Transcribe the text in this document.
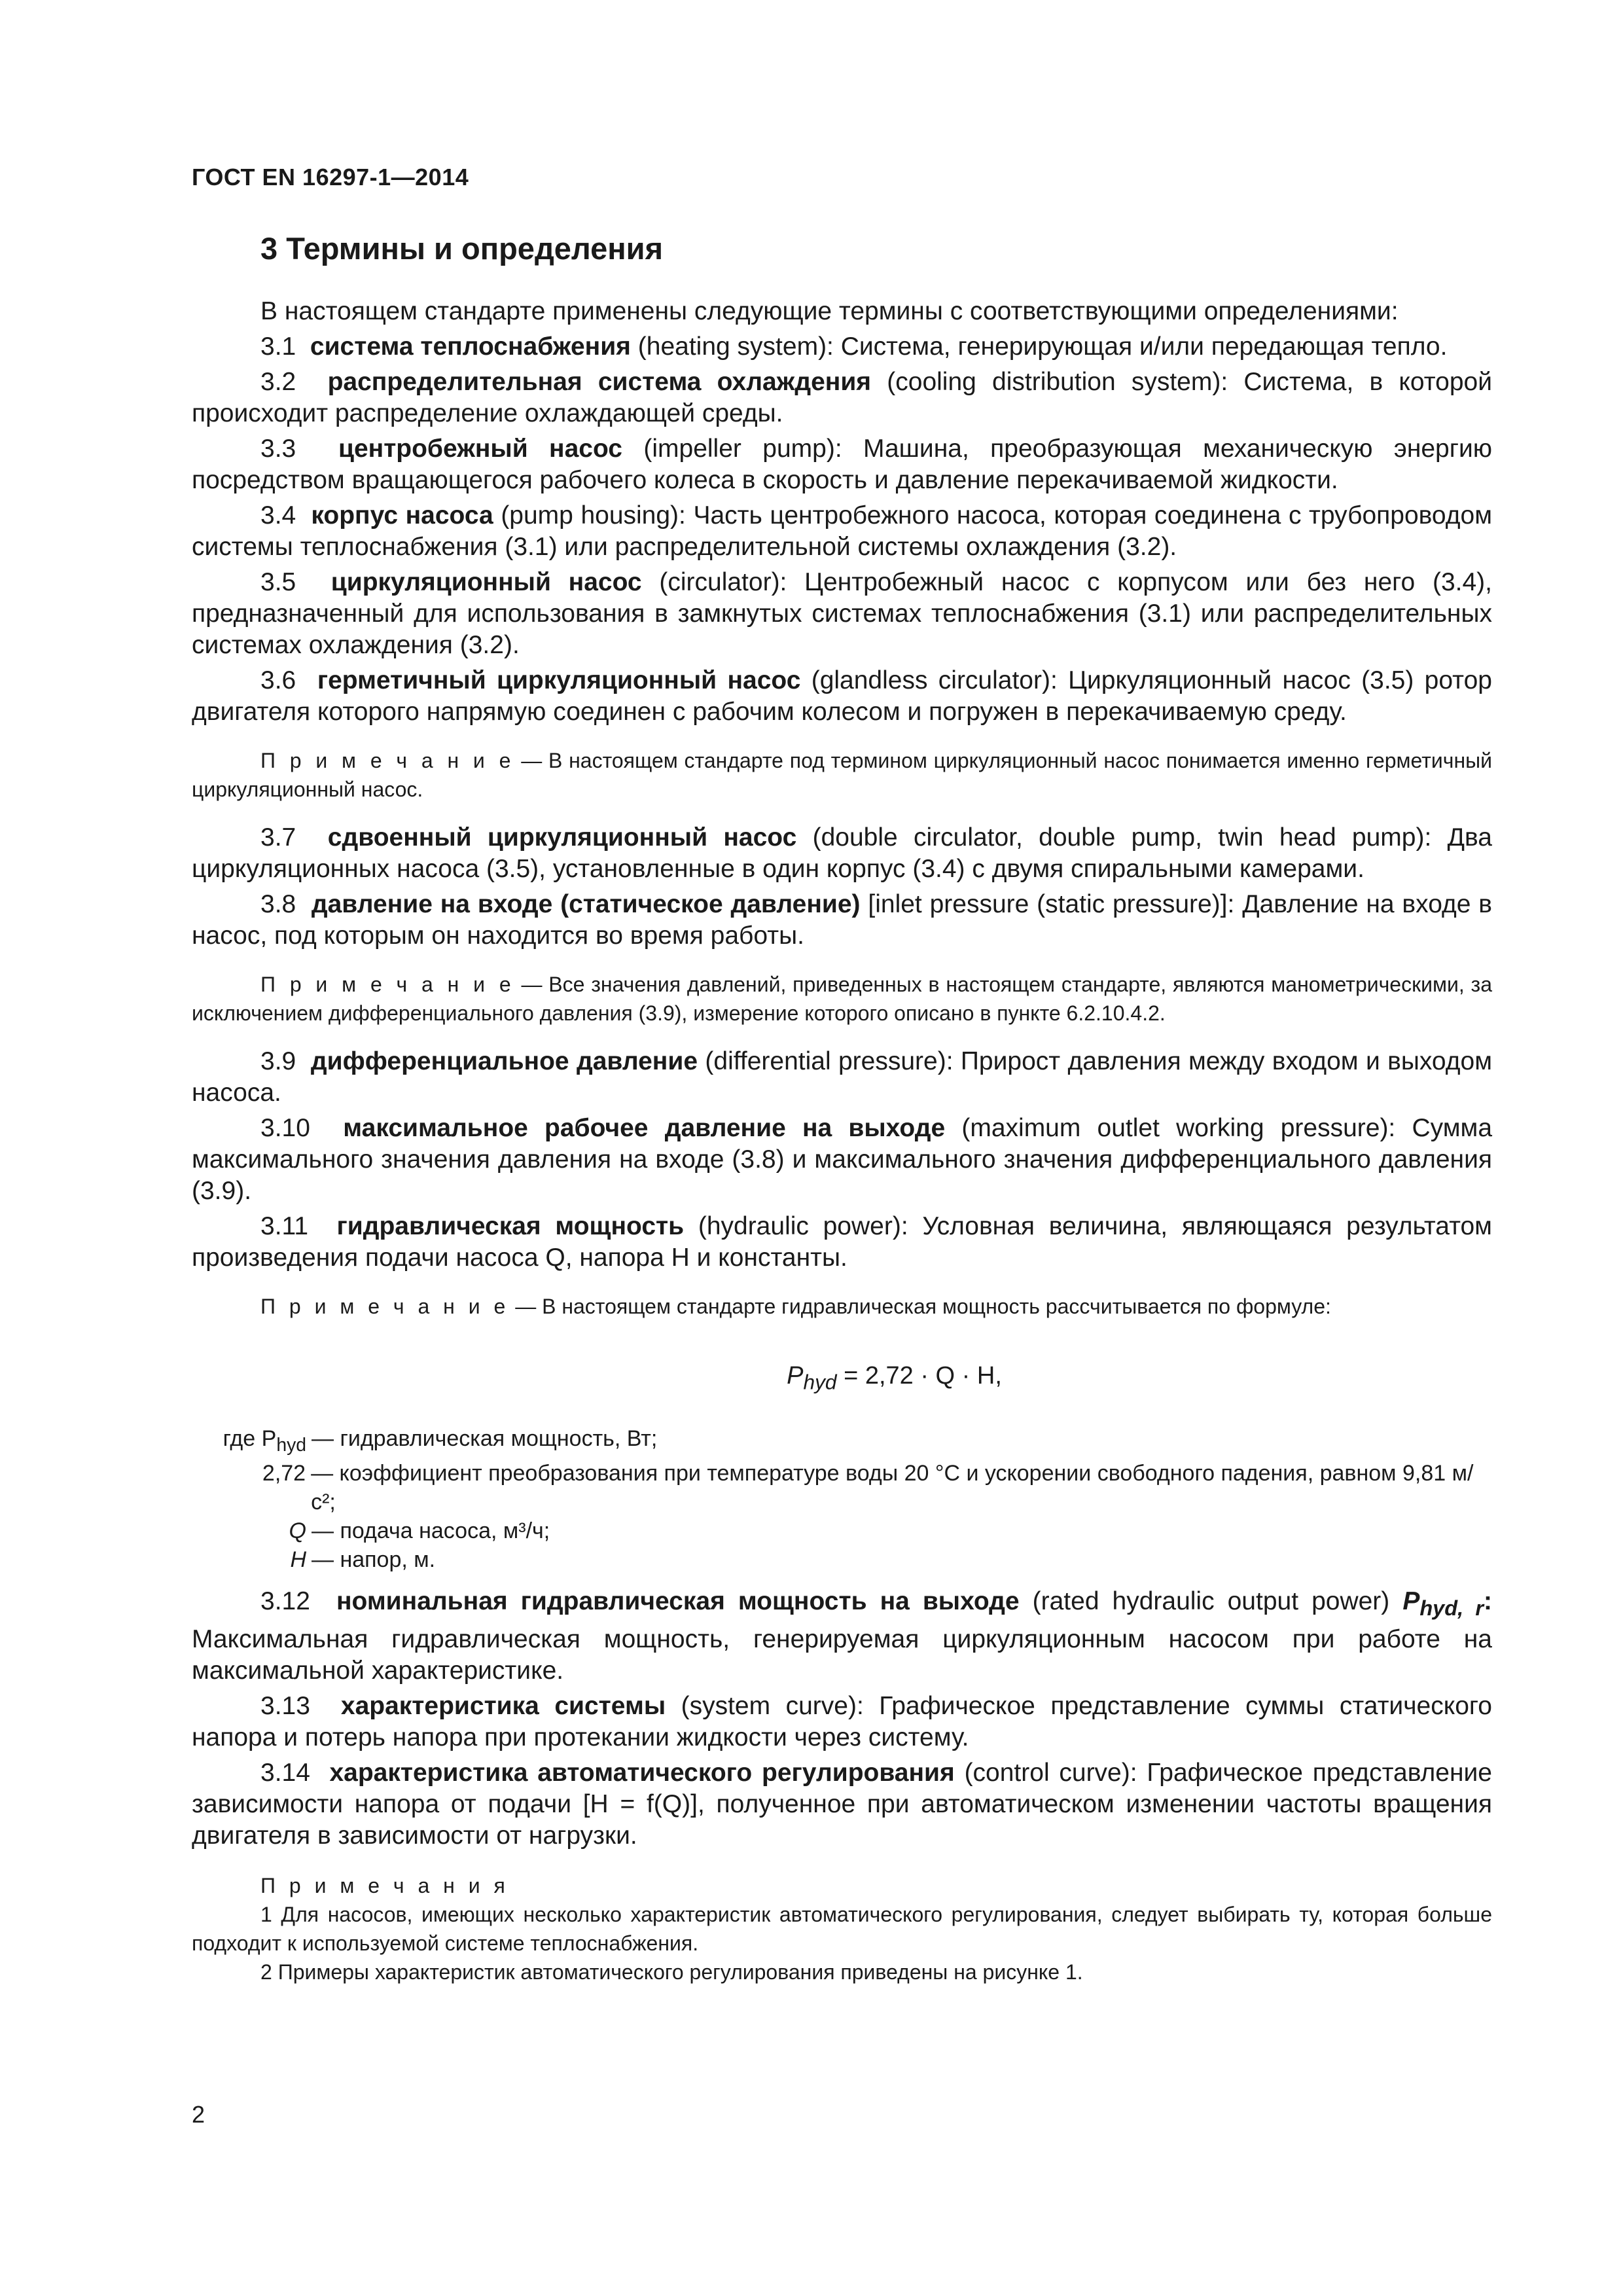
ГОСТ EN 16297-1—2014
3 Термины и определения

В настоящем стандарте применены следующие термины с соответствующими определениями:

3.1 система теплоснабжения (heating system): Система, генерирующая и/или передающая тепло.

3.2 распределительная система охлаждения (cooling distribution system): Система, в которой происходит распределение охлаждающей среды.

3.3 центробежный насос (impeller pump): Машина, преобразующая механическую энергию посредством вращающегося рабочего колеса в скорость и давление перекачиваемой жидкости.

3.4 корпус насоса (pump housing): Часть центробежного насоса, которая соединена с трубопроводом системы теплоснабжения (3.1) или распределительной системы охлаждения (3.2).

3.5 циркуляционный насос (circulator): Центробежный насос с корпусом или без него (3.4), предназначенный для использования в замкнутых системах теплоснабжения (3.1) или распределительных системах охлаждения (3.2).

3.6 герметичный циркуляционный насос (glandless circulator): Циркуляционный насос (3.5) ротор двигателя которого напрямую соединен с рабочим колесом и погружен в перекачиваемую среду.

П р и м е ч а н и е — В настоящем стандарте под термином циркуляционный насос понимается именно герметичный циркуляционный насос.

3.7 сдвоенный циркуляционный насос (double circulator, double pump, twin head pump): Два циркуляционных насоса (3.5), установленные в один корпус (3.4) с двумя спиральными камерами.

3.8 давление на входе (статическое давление) [inlet pressure (static pressure)]: Давление на входе в насос, под которым он находится во время работы.

П р и м е ч а н и е — Все значения давлений, приведенных в настоящем стандарте, являются манометрическими, за исключением дифференциального давления (3.9), измерение которого описано в пункте 6.2.10.4.2.

3.9 дифференциальное давление (differential pressure): Прирост давления между входом и выходом насоса.

3.10 максимальное рабочее давление на выходе (maximum outlet working pressure): Сумма максимального значения давления на входе (3.8) и максимального значения дифференциального давления (3.9).

3.11 гидравлическая мощность (hydraulic power): Условная величина, являющаяся результатом произведения подачи насоса Q, напора H и константы.

П р и м е ч а н и е — В настоящем стандарте гидравлическая мощность рассчитывается по формуле:

$P_{hyd} = 2,72 \cdot Q \cdot H$,
где $P_{hyd}$ — гидравлическая мощность, Вт;
2,72 — коэффициент преобразования при температуре воды 20 °С и ускорении свободного падения, равном 9,81 м/с²;
Q — подача насоса, м³/ч;
H — напор, м.

3.12 номинальная гидравлическая мощность на выходе (rated hydraulic output power) $P_{hyd, r}$: Максимальная гидравлическая мощность, генерируемая циркуляционным насосом при работе на максимальной характеристике.

3.13 характеристика системы (system curve): Графическое представление суммы статического напора и потерь напора при протекании жидкости через систему.

3.14 характеристика автоматического регулирования (control curve): Графическое представление зависимости напора от подачи [H = f(Q)], полученное при автоматическом изменении частоты вращения двигателя в зависимости от нагрузки.

П р и м е ч а н и я
1 Для насосов, имеющих несколько характеристик автоматического регулирования, следует выбирать ту, которая больше подходит к используемой системе теплоснабжения.
2 Примеры характеристик автоматического регулирования приведены на рисунке 1.
2
